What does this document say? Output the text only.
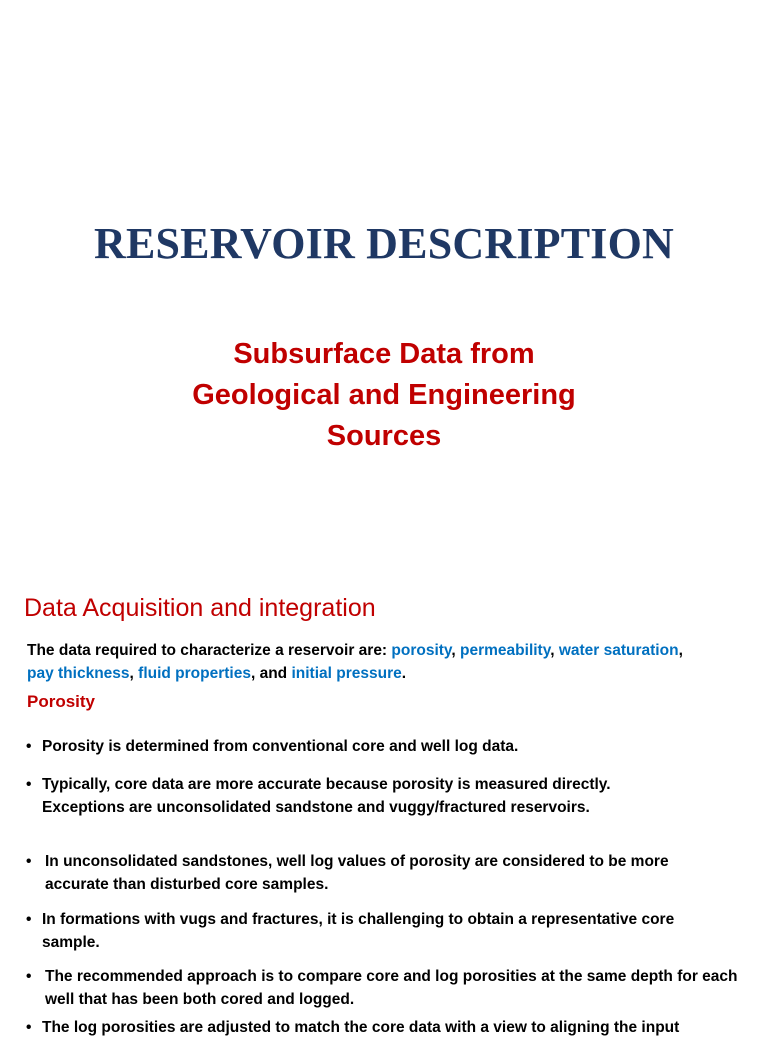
RESERVOIR DESCRIPTION
Subsurface Data from
Geological and Engineering
Sources
Data Acquisition and integration
The data required to characterize a reservoir are: porosity, permeability, water saturation,
pay thickness, fluid properties, and initial pressure.
Porosity
• Porosity is determined from conventional core and well log data.
• Typically, core data are more accurate because porosity is measured directly. Exceptions are unconsolidated sandstone and vuggy/fractured reservoirs.
• In unconsolidated sandstones, well log values of porosity are considered to be more accurate than disturbed core samples.
• In formations with vugs and fractures, it is challenging to obtain a representative core sample.
• The recommended approach is to compare core and log porosities at the same depth for each well that has been both cored and logged.
• The log porosities are adjusted to match the core data with a view to aligning the input
